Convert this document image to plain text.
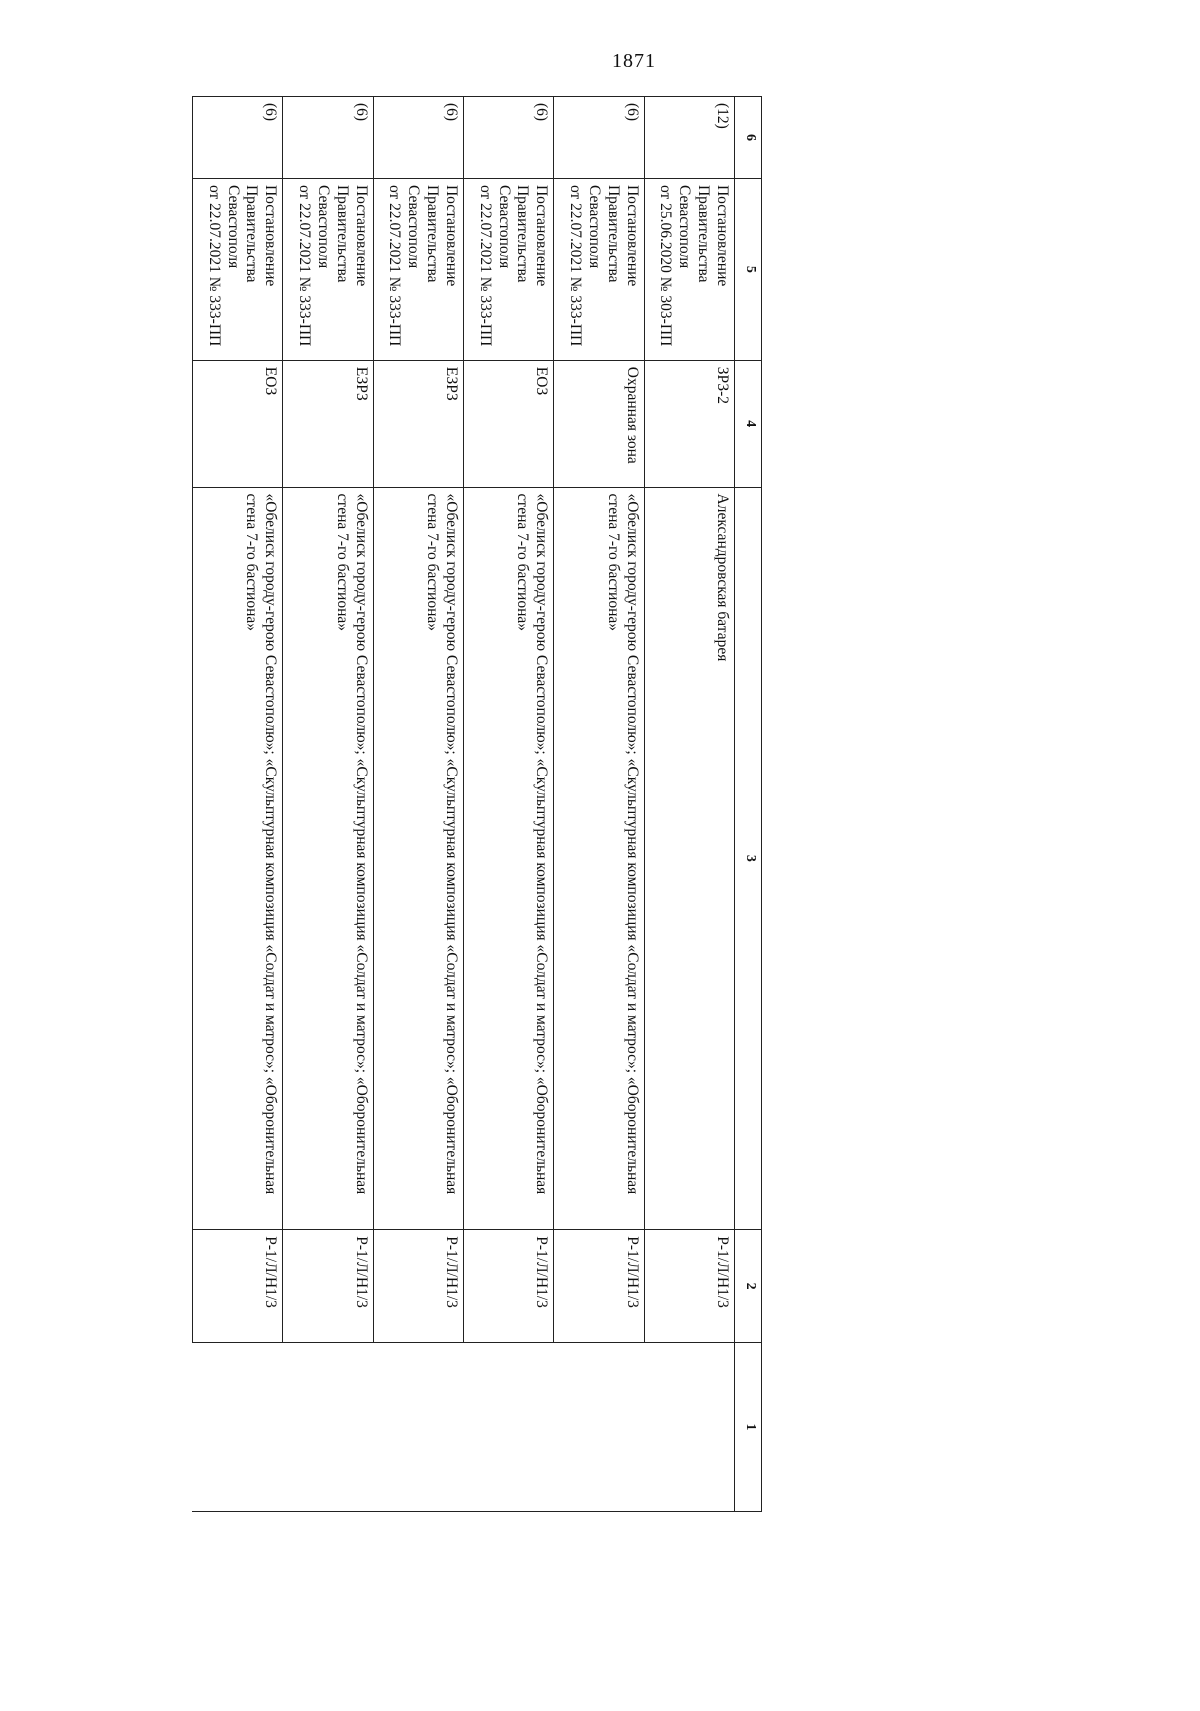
1871
6	5	4	3	2	1
(12)	Постановление
Правительства
Севастополя
от 25.06.2020 № 303-ПП	ЗРЗ-2	Александровская батарея	Р-1/Л/Н1/3	
(6)	Постановление
Правительства
Севастополя
от 22.07.2021 № 333-ПП	Охранная зона	«Обелиск городу-герою Севастополю»; «Скульптурная композиция «Солдат и матрос»; «Оборонительная стена 7-го бастиона»	Р-1/Л/Н1/3	
(6)	Постановление
Правительства
Севастополя
от 22.07.2021 № 333-ПП	ЕОЗ	«Обелиск городу-герою Севастополю»; «Скульптурная композиция «Солдат и матрос»; «Оборонительная стена 7-го бастиона»	Р-1/Л/Н1/3	
(6)	Постановление
Правительства
Севастополя
от 22.07.2021 № 333-ПП	ЕЗРЗ	«Обелиск городу-герою Севастополю»; «Скульптурная композиция «Солдат и матрос»; «Оборонительная стена 7-го бастиона»	Р-1/Л/Н1/3	
(6)	Постановление
Правительства
Севастополя
от 22.07.2021 № 333-ПП	ЕЗРЗ	«Обелиск городу-герою Севастополю»; «Скульптурная композиция «Солдат и матрос»; «Оборонительная стена 7-го бастиона»	Р-1/Л/Н1/3	
(6)	Постановление
Правительства
Севастополя
от 22.07.2021 № 333-ПП	ЕОЗ	«Обелиск городу-герою Севастополю»; «Скульптурная композиция «Солдат и матрос»; «Оборонительная стена 7-го бастиона»	Р-1/Л/Н1/3	
